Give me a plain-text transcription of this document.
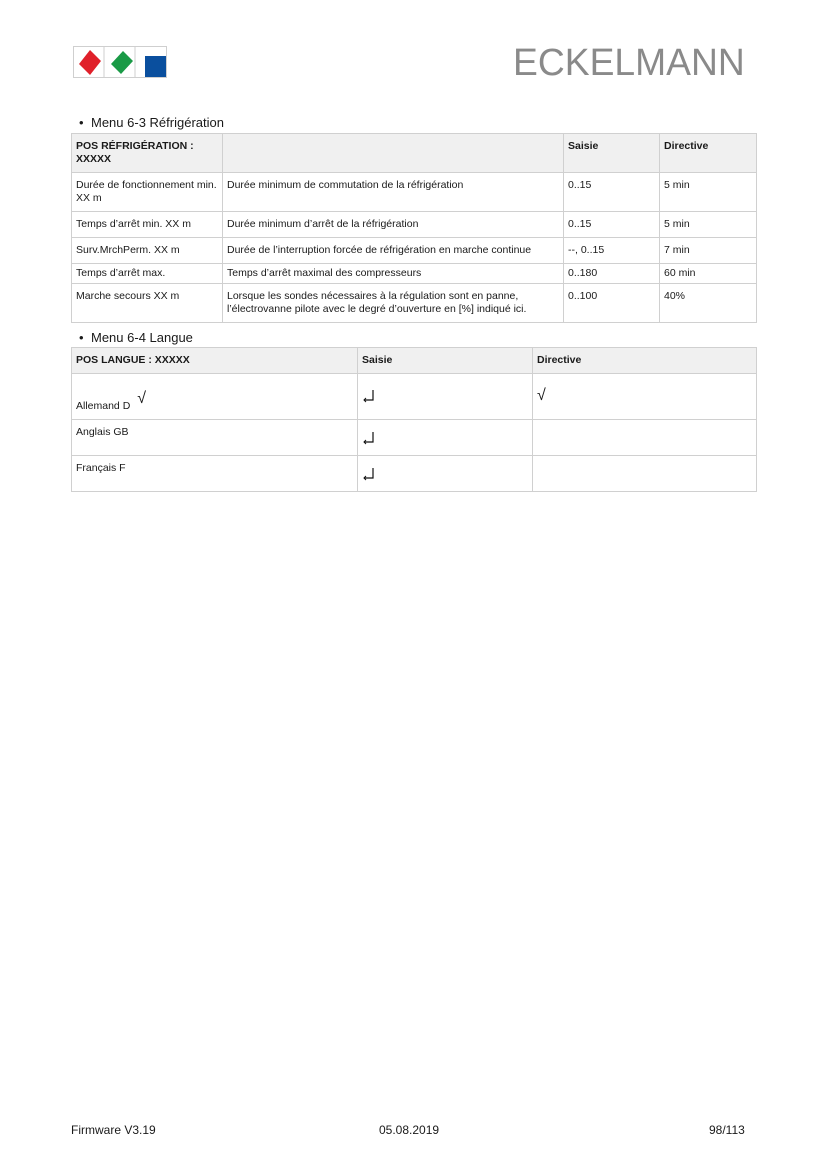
ECKELMANN
• Menu 6-3 Réfrigération
POS RÉFRIGÉRATION : XXXXX		Saisie	Directive
Durée de fonctionnement min. XX m	Durée minimum de commutation de la réfrigération	0..15	5 min
Temps d’arrêt min. XX m	Durée minimum d’arrêt de la réfrigération	0..15	5 min
Surv.MrchPerm. XX m	Durée de l’interruption forcée de réfrigération en marche continue	--, 0..15	7 min
Temps d’arrêt max.	Temps d’arrêt maximal des compresseurs	0..180	60 min
Marche secours XX m	Lorsque les sondes nécessaires à la régulation sont en panne, l’électrovanne pilote avec le degré d’ouverture en [%] indiqué ici.	0..100	40%
• Menu 6-4 Langue
POS LANGUE : XXXXX	Saisie	Directive
Allemand D √		√
Anglais GB	

Français F	

Firmware V3.19	05.08.2019	98/113
